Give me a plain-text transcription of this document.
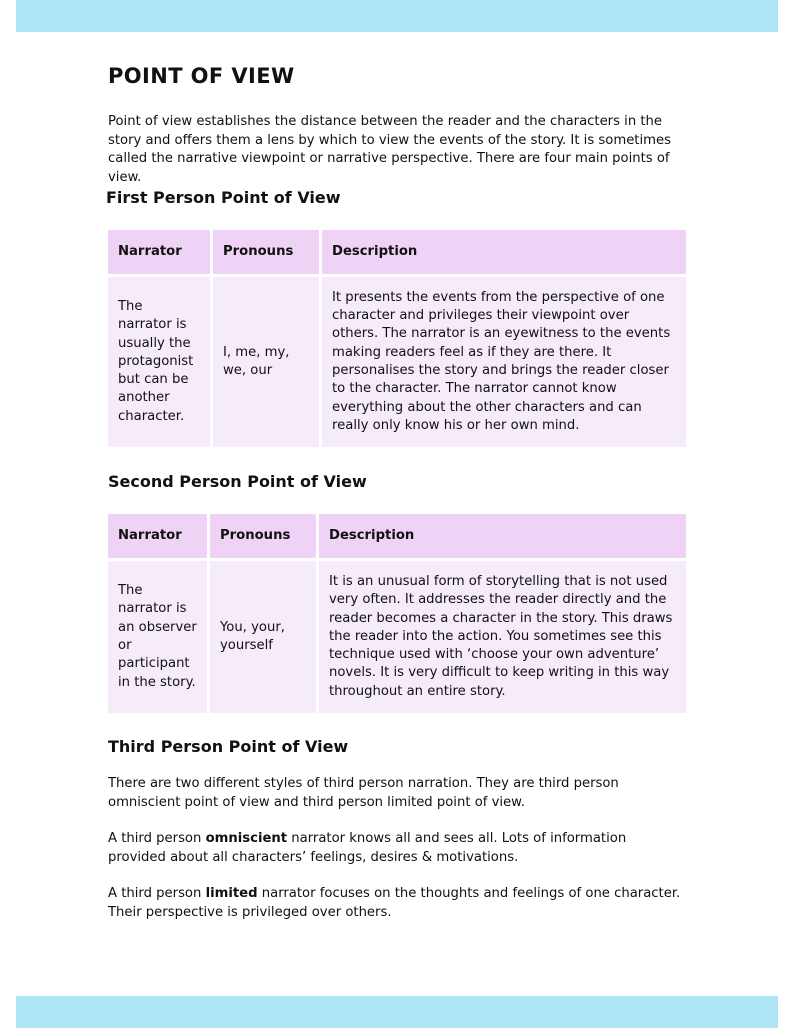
POINT OF VIEW

Point of view establishes the distance between the reader and the characters in the story and offers them a lens by which to view the events of the story. It is sometimes called the narrative viewpoint or narrative perspective. There are four main points of view.

First Person Point of View
Narrator	Pronouns	Description
The narrator is usually the protagonist but can be another character.	I, me, my, we, our	It presents the events from the perspective of one character and privileges their viewpoint over others. The narrator is an eyewitness to the events making readers feel as if they are there. It personalises the story and brings the reader closer to the character. The narrator cannot know everything about the other characters and can really only know his or her own mind.
Second Person Point of View
Narrator	Pronouns	Description
The narrator is an observer or participant in the story.	You, your, yourself	It is an unusual form of storytelling that is not used very often. It addresses the reader directly and the reader becomes a character in the story. This draws the reader into the action. You sometimes see this technique used with ‘choose your own adventure’ novels. It is very difficult to keep writing in this way throughout an entire story.
Third Person Point of View

There are two different styles of third person narration. They are third person omniscient point of view and third person limited point of view.

A third person omniscient narrator knows all and sees all. Lots of information provided about all characters’ feelings, desires & motivations.

A third person limited narrator focuses on the thoughts and feelings of one character. Their perspective is privileged over others.
